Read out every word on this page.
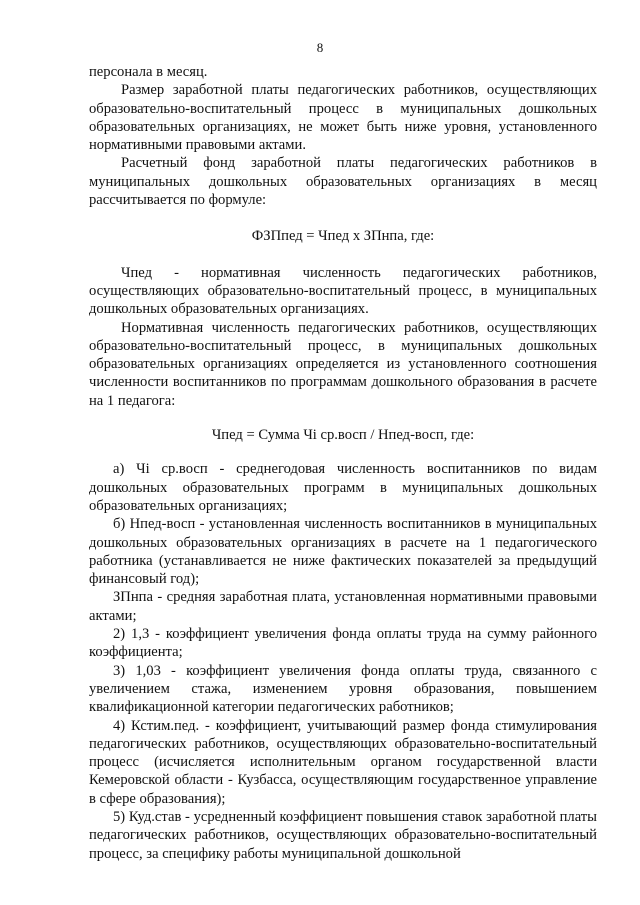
8

персонала в месяц.

Размер заработной платы педагогических работников, осуществляющих образовательно-воспитательный процесс в муниципальных дошкольных образовательных организациях, не может быть ниже уровня, установленного нормативными правовыми актами.

Расчетный фонд заработной платы педагогических работников в муниципальных дошкольных образовательных организациях в месяц рассчитывается по формуле:

ФЗПпед = Чпед х ЗПнпа, где:

Чпед - нормативная численность педагогических работников, осуществляющих образовательно-воспитательный процесс, в муниципальных дошкольных образовательных организациях.

Нормативная численность педагогических работников, осуществляющих образовательно-воспитательный процесс, в муниципальных дошкольных образовательных организациях определяется из установленного соотношения численности воспитанников по программам дошкольного образования в расчете на 1 педагога:

Чпед = Сумма Чi ср.восп / Нпед-восп, где:

а) Чi ср.восп - среднегодовая численность воспитанников по видам дошкольных образовательных программ в муниципальных дошкольных образовательных организациях;

б) Нпед-восп - установленная численность воспитанников в муниципальных дошкольных образовательных организациях в расчете на 1 педагогического работника (устанавливается не ниже фактических показателей за предыдущий финансовый год);

ЗПнпа - средняя заработная плата, установленная нормативными правовыми актами;

2) 1,3 - коэффициент увеличения фонда оплаты труда на сумму районного коэффициента;

3) 1,03 - коэффициент увеличения фонда оплаты труда, связанного с увеличением стажа, изменением уровня образования, повышением квалификационной категории педагогических работников;

4) Кстим.пед. - коэффициент, учитывающий размер фонда стимулирования педагогических работников, осуществляющих образовательно-воспитательный процесс (исчисляется исполнительным органом государственной власти Кемеровской области - Кузбасса, осуществляющим государственное управление в сфере образования);

5) Куд.став - усредненный коэффициент повышения ставок заработной платы педагогических работников, осуществляющих образовательно-воспитательный процесс, за специфику работы муниципальной дошкольной
